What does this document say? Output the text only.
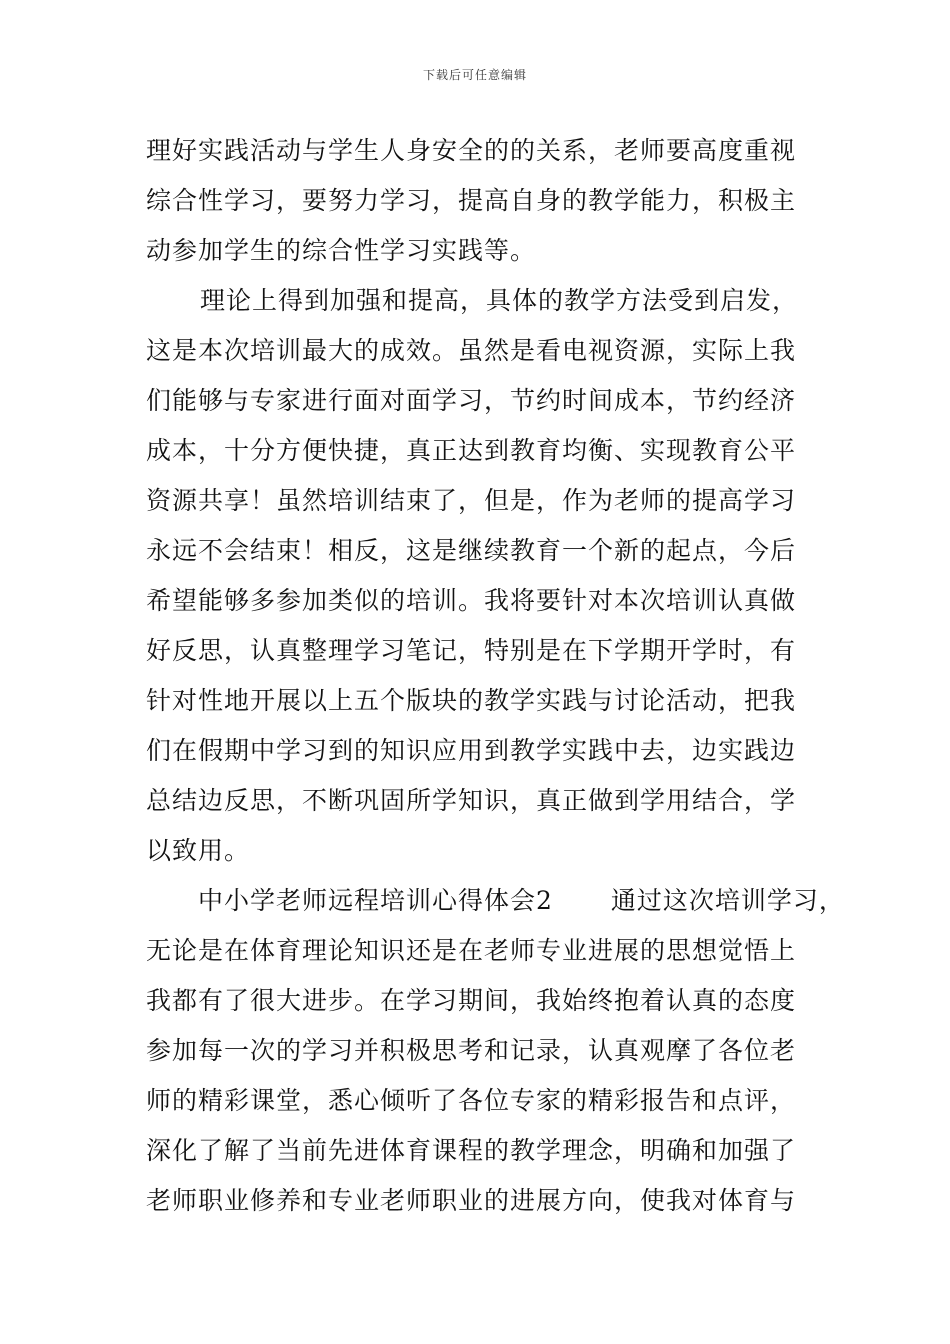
下载后可任意编辑
理好实践活动与学生人身安全的的关系，老师要高度重视
综合性学习，要努力学习，提高自身的教学能力，积极主
动参加学生的综合性学习实践等。
理论上得到加强和提高，具体的教学方法受到启发，
这是本次培训最大的成效。虽然是看电视资源，实际上我
们能够与专家进行面对面学习，节约时间成本，节约经济
成本，十分方便快捷，真正达到教育均衡、实现教育公平
资源共享！虽然培训结束了，但是，作为老师的提高学习
永远不会结束！相反，这是继续教育一个新的起点，今后
希望能够多参加类似的培训。我将要针对本次培训认真做
好反思，认真整理学习笔记，特别是在下学期开学时，有
针对性地开展以上五个版块的教学实践与讨论活动，把我
们在假期中学习到的知识应用到教学实践中去，边实践边
总结边反思，不断巩固所学知识，真正做到学用结合，学
以致用。
中小学老师远程培训心得体会2 通过这次培训学习，
无论是在体育理论知识还是在老师专业进展的思想觉悟上
我都有了很大进步。在学习期间，我始终抱着认真的态度
参加每一次的学习并积极思考和记录，认真观摩了各位老
师的精彩课堂，悉心倾听了各位专家的精彩报告和点评，
深化了解了当前先进体育课程的教学理念，明确和加强了
老师职业修养和专业老师职业的进展方向，使我对体育与
